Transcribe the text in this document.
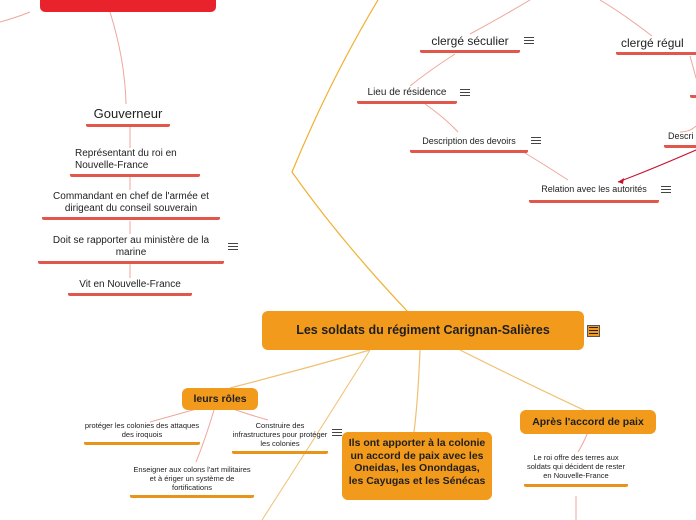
Gouverneur
Représentant du roi en Nouvelle-France
Commandant en chef de l'armée et dirigeant du conseil souverain
Doit se rapporter au ministère de la marine
Vit en Nouvelle-France
clergé séculier	clergé régul
Lieu de résidence
Description des devoirs	Descri
Relation avec les autorités
Les soldats du régiment Carignan-Salières
leurs rôles
protéger les colonies des attaques des iroquois
Construire des infrastructures pour protéger les colonies
Enseigner aux colons l'art militaires et à ériger un système de fortifications
Ils ont apporter à la colonie un accord de paix avec les Oneidas, les Onondagas, les Cayugas et les Sénécas
Après l'accord de paix
Le roi offre des terres aux soldats qui décident de rester en Nouvelle-France
